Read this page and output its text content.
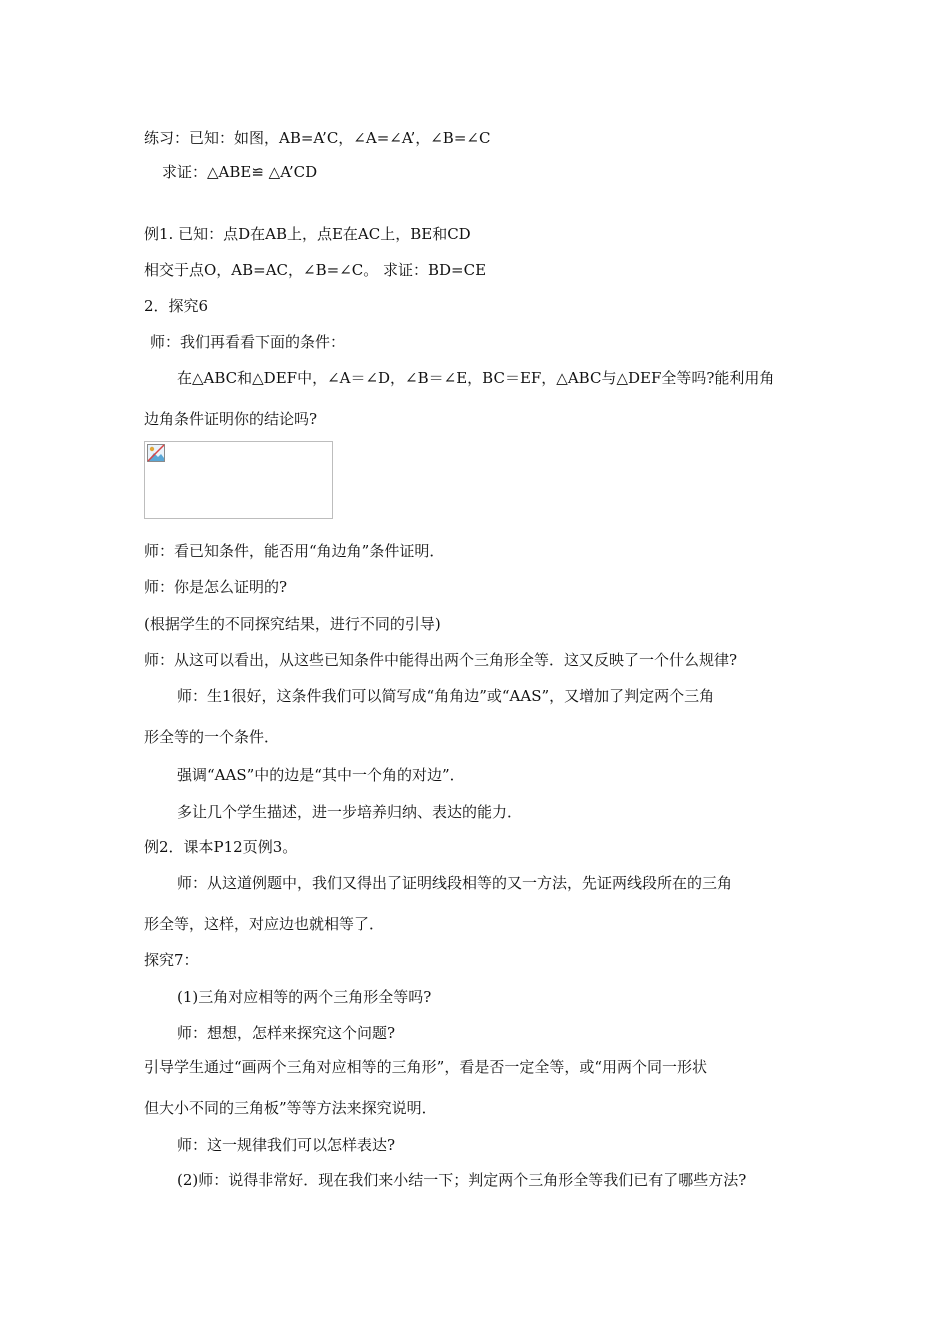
练习：已知：如图，AB=A’C，∠A=∠A’，∠B=∠C
求证：△ABE≌ △A’CD
例1. 已知：点D在AB上，点E在AC上，BE和CD
相交于点O，AB=AC，∠B=∠C。 求证：BD=CE
2．探究6
师：我们再看看下面的条件：
在△ABC和△DEF中，∠A＝∠D，∠B＝∠E，BC＝EF，△ABC与△DEF全等吗?能利用角
边角条件证明你的结论吗?
师：看已知条件，能否用“角边角”条件证明．
师：你是怎么证明的?
(根据学生的不同探究结果，进行不同的引导)
师：从这可以看出，从这些已知条件中能得出两个三角形全等．这又反映了一个什么规律?
师：生1很好，这条件我们可以简写成“角角边”或“AAS”，又增加了判定两个三角
形全等的一个条件．
强调“AAS”中的边是“其中一个角的对边”．
多让几个学生描述，进一步培养归纳、表达的能力．
例2．课本P12页例3。
师：从这道例题中，我们又得出了证明线段相等的又一方法，先证两线段所在的三角
形全等，这样，对应边也就相等了．
探究7：
(1)三角对应相等的两个三角形全等吗?
师：想想，怎样来探究这个问题?
引导学生通过“画两个三角对应相等的三角形”，看是否一定全等，或“用两个同一形状
但大小不同的三角板”等等方法来探究说明．
师：这一规律我们可以怎样表达?
(2)师：说得非常好．现在我们来小结一下；判定两个三角形全等我们已有了哪些方法?
